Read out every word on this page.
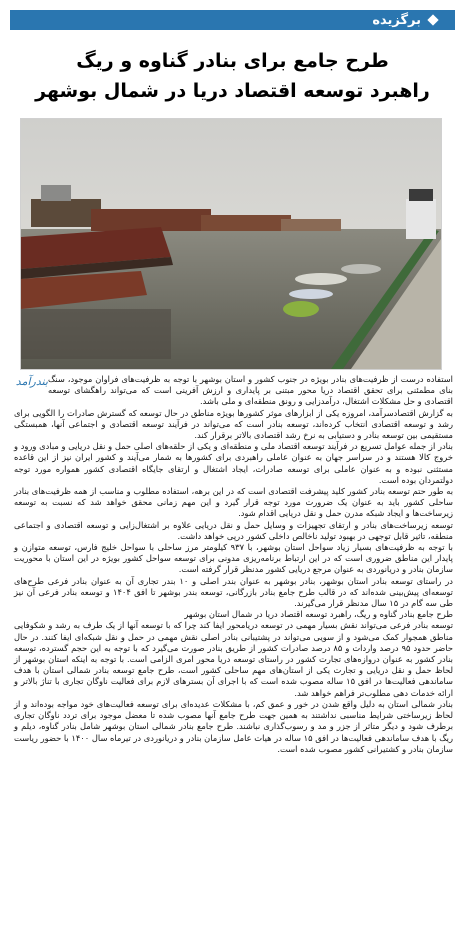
برگزیده
طرح جامع برای بنادر گناوه و ریگ
راهبرد توسعه اقتصاد دریا در شمال بوشهر
بندرآمد استفاده درست از ظرفیت‌های بنادر بویژه در جنوب کشور و استان بوشهر با توجه به ظرفیت‌های فراوان موجود، سنگ بنای مطمئنی برای تحقق اقتصاد دریا محور مبتنی بر پایداری و ارزش آفرینی است که می‌تواند راهگشای توسعه اقتصادی و حل مشکلات اشتغال، درآمدزایی و رونق منطقه‌ای و ملی باشد.

به گزارش اقتصادسرآمد، امروزه یکی از ابزارهای موثر کشورها بویژه مناطق در حال توسعه که گسترش صادرات را الگویی برای رشد و توسعه اقتصادی انتخاب کرده‌اند، توسعه بنادر است که می‌تواند در فرآیند توسعه اقتصادی و اجتماعی آنها، همبستگی مستقیمی بین توسعه بنادر و دستیابی به نرخ رشد اقتصادی بالاتر برقرار کند.

بنادر از جمله عوامل تسریع در فرآیند توسعه اقتصاد ملی و منطقه‌ای و یکی از حلقه‌های اصلی حمل و نقل دریایی و مبادی ورود و خروج کالا هستند و در سراسر جهان به عنوان عاملی راهبردی برای کشورها به شمار می‌آیند و کشور ایران نیز از این قاعده مستثنی نبوده و به عنوان عاملی برای توسعه صادرات، ایجاد اشتغال و ارتقای جایگاه اقتصادی کشور همواره مورد توجه دولتمردان بوده است.

به طور حتم توسعه بنادر کشور کلید پیشرفت اقتصادی است که در این برهه، استفاده مطلوب و مناسب از همه ظرفیت‌های بنادر ساحلی کشور باید به عنوان یک ضرورت مورد توجه قرار گیرد و این مهم زمانی محقق خواهد شد که نسبت به توسعه زیرساخت‌ها و ایجاد شبکه مدرن حمل و نقل دریایی اقدام شود.

توسعه زیرساخت‌های بنادر و ارتقای تجهیزات و وسایل حمل و نقل دریایی علاوه بر اشتغال‌زایی و توسعه اقتصادی و اجتماعی منطقه، تاثیر قابل توجهی در بهبود تولید ناخالص داخلی کشور درپی خواهد داشت.

با توجه به ظرفیت‌های بسیار زیاد سواحل استان بوشهر، با ۹۳۷ کیلومتر مرز ساحلی با سواحل خلیج فارس، توسعه متوازن و پایدار این مناطق ضروری است که در این ارتباط برنامه‌ریزی مدونی برای توسعه سواحل کشور بویژه در این استان با محوریت سازمان بنادر و دریانوردی به عنوان مرجع دریایی کشور مدنظر قرار گرفته است.

در راستای توسعه بنادر استان بوشهر، بنادر بوشهر به عنوان بندر اصلی و ۱۰ بندر تجاری آن به عنوان بنادر فرعی طرح‌های توسعه‌ای پیش‌بینی شده‌اند که در قالب طرح جامع بنادر بازرگانی، توسعه بندر بوشهر تا افق ۱۴۰۴ و توسعه بنادر فرعی آن نیز طی سه گام در ۱۵ سال مدنظر قرار می‌گیرند.

طرح جامع بنادر گناوه و ریگ، راهبرد توسعه اقتصاد دریا در شمال استان بوشهر

توسعه بنادر فرعی می‌تواند نقش بسیار مهمی در توسعه دریامحور ایفا کند چرا که با توسعه آنها از یک طرف به رشد و شکوفایی مناطق همجوار کمک می‌شود و از سویی می‌تواند در پشتیبانی بنادر اصلی نقش مهمی در حمل و نقل شبکه‌ای ایفا کنند. در حال حاضر حدود ۹۵ درصد واردات و ۸۵ درصد صادرات کشور از طریق بنادر صورت می‌گیرد که با توجه به این حجم گسترده، توسعه بنادر کشور به عنوان دروازه‌های تجارت کشور در راستای توسعه دریا محور امری الزامی است. با توجه به اینکه استان بوشهر از لحاظ حمل و نقل دریایی و تجارت یکی از استان‌های مهم ساحلی کشور است، طرح جامع توسعه بنادر شمالی استان با هدف ساماندهی فعالیت‌ها در افق ۱۵ ساله مصوب شده است که با اجرای آن بسترهای لازم برای فعالیت ناوگان تجاری با تناژ بالاتر و ارائه خدمات دهی مطلوب‌تر فراهم خواهد شد.

بنادر شمالی استان به دلیل واقع شدن در خور و عمق کم، با مشکلات عدیده‌ای برای توسعه فعالیت‌های خود مواجه بوده‌اند و از لحاظ زیرساختی شرایط مناسبی نداشتند به همین جهت طرح جامع آنها مصوب شده تا معضل موجود برای تردد ناوگان تجاری برطرف شود و دیگر متاثر از جزر و مد و رسوب‌گذاری نباشند. طرح جامع بنادر شمالی استان بوشهر شامل بنادر گناوه، دیلم و ریگ با هدف ساماندهی فعالیت‌ها در افق ۱۵ ساله در هیات عامل سازمان بنادر و دریانوردی در تیرماه سال ۱۴۰۰ با حضور ریاست سازمان بنادر و کشتیرانی کشور مصوب شده است.
